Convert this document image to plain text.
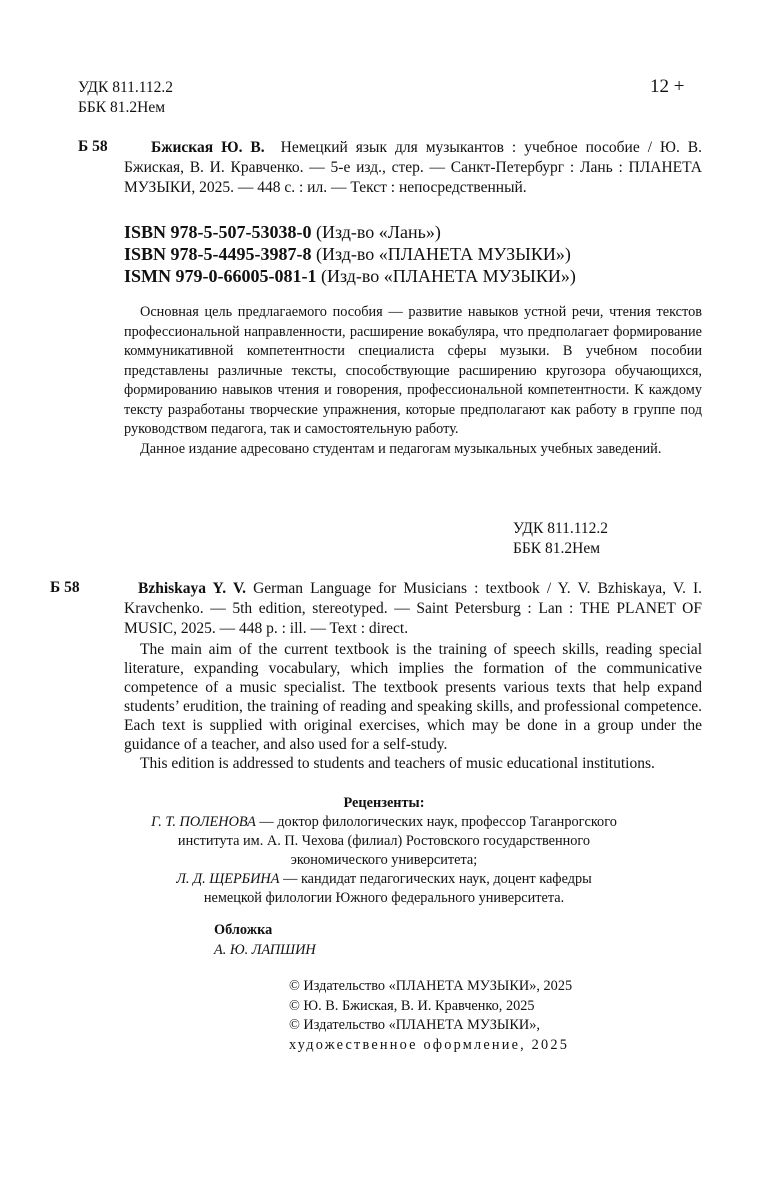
УДК 811.112.2
ББК 81.2Нем
12 +
Б 58	Бжиская Ю. В. Немецкий язык для музыкантов : учебное пособие / Ю. В. Бжиская, В. И. Кравченко. — 5-е изд., стер. — Санкт-Петербург : Лань : ПЛАНЕТА МУЗЫКИ, 2025. — 448 с. : ил. — Текст : непосредственный.
ISBN 978-5-507-53038-0 (Изд-во «Лань»)
ISBN 978-5-4495-3987-8 (Изд-во «ПЛАНЕТА МУЗЫКИ»)
ISMN 979-0-66005-081-1 (Изд-во «ПЛАНЕТА МУЗЫКИ»)

Основная цель предлагаемого пособия — развитие навыков устной речи, чтения текстов профессиональной направленности, расширение вокабуляра, что предполагает формирование коммуникативной компетентности специалиста сферы музыки. В учебном пособии представлены различные тексты, способствующие расширению кругозора обучающихся, формированию навыков чтения и говорения, профессиональной компетентности. К каждому тексту разработаны творческие упражнения, которые предполагают как работу в группе под руководством педагога, так и самостоятельную работу.

Данное издание адресовано студентам и педагогам музыкальных учебных заведений.

УДК 811.112.2
ББК 81.2Нем
Б 58	Bzhiskaya Y. V. German Language for Musicians : textbook / Y. V. Bzhiskaya, V. I. Kravchenko. — 5th edition, stereotyped. — Saint Petersburg : Lan : THE PLANET OF MUSIC, 2025. — 448 p. : ill. — Text : direct.

The main aim of the current textbook is the training of speech skills, reading special literature, expanding vocabulary, which implies the formation of the communicative competence of a music specialist. The textbook presents various texts that help expand students’ erudition, the training of reading and speaking skills, and professional competence. Each text is supplied with original exercises, which may be done in a group under the guidance of a teacher, and also used for a self-study.

This edition is addressed to students and teachers of music educational institutions.

Рецензенты:
Г. Т. ПОЛЕНОВА — доктор филологических наук, профессор Таганрогского института им. А. П. Чехова (филиал) Ростовского государственного экономического университета;
Л. Д. ЩЕРБИНА — кандидат педагогических наук, доцент кафедры немецкой филологии Южного федерального университета.
Обложка
А. Ю. ЛАПШИН
© Издательство «ПЛАНЕТА МУЗЫКИ», 2025
© Ю. В. Бжиская, В. И. Кравченко, 2025
© Издательство «ПЛАНЕТА МУЗЫКИ»,
художественное оформление, 2025
